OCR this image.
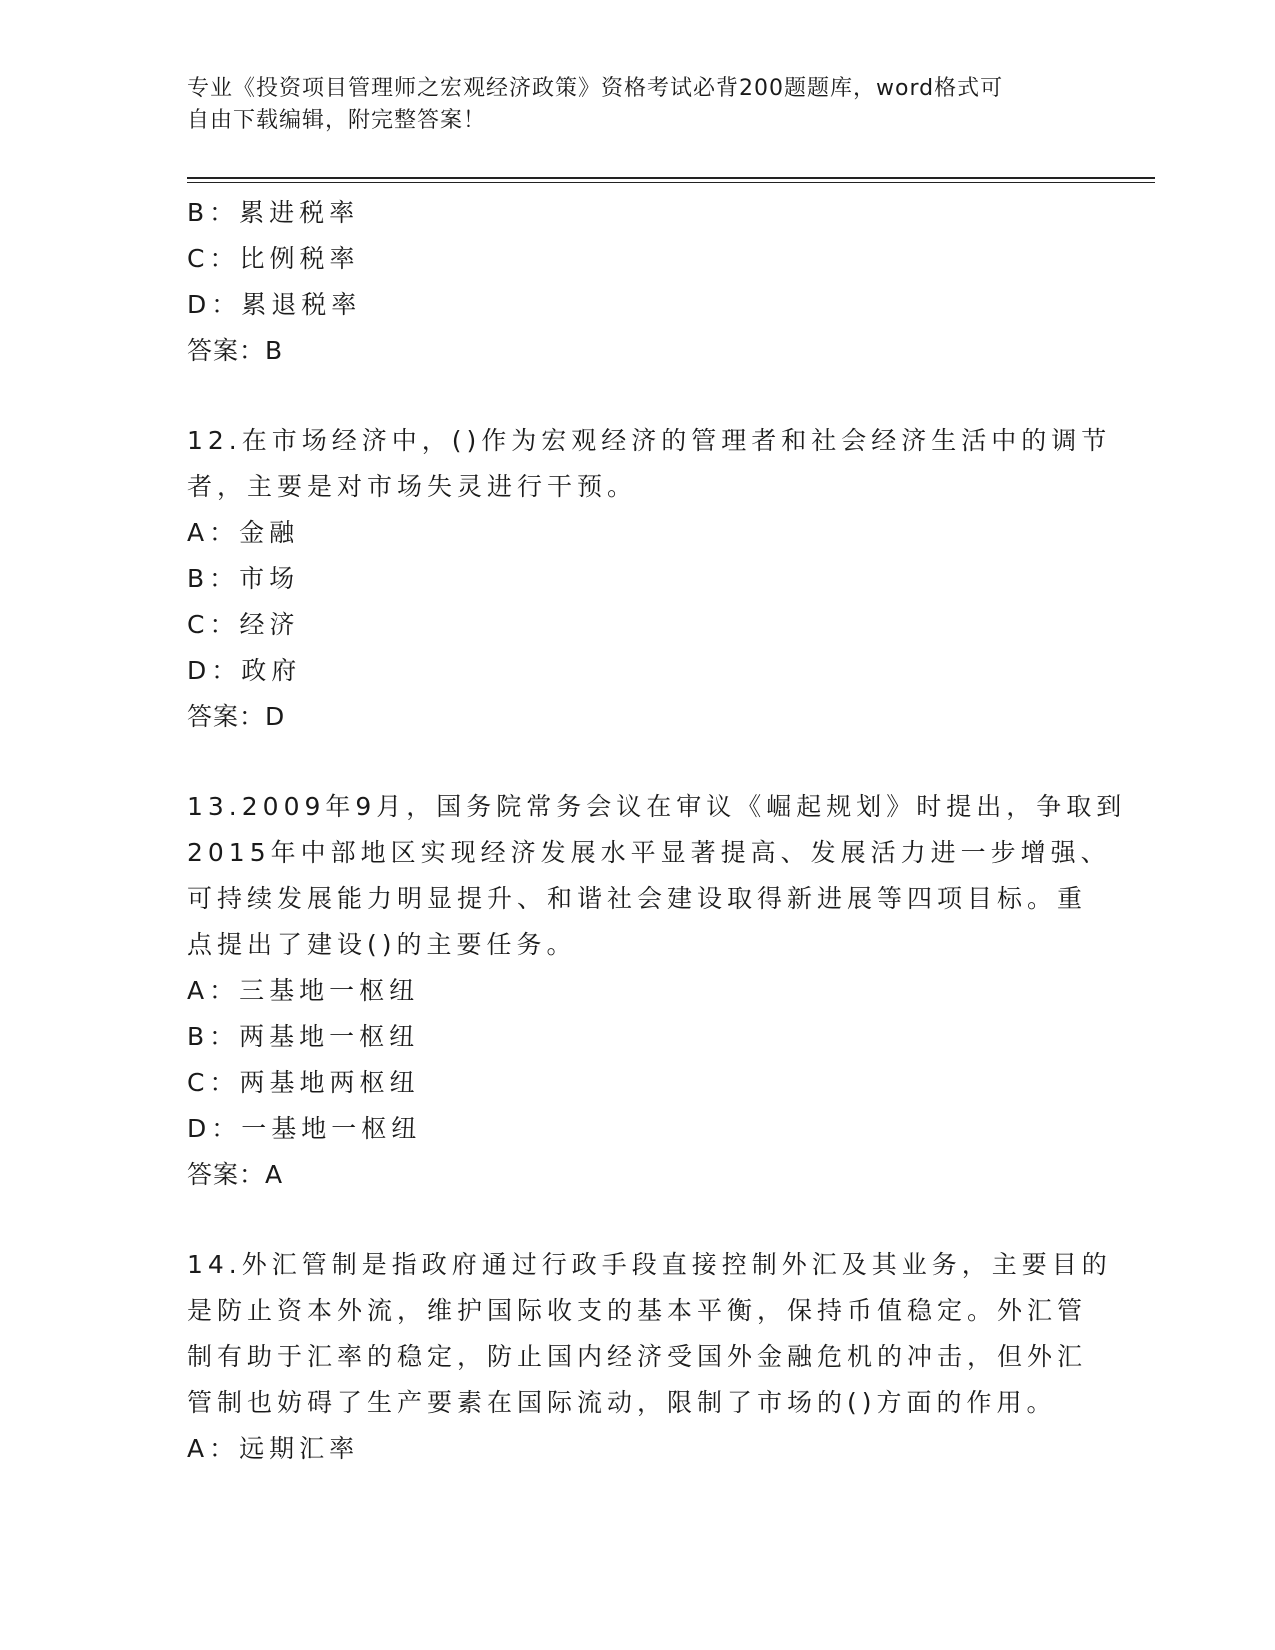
专业《投资项目管理师之宏观经济政策》资格考试必背200题题库，word格式可
自由下载编辑，附完整答案！
B：累进税率
C：比例税率
D：累退税率
答案：B
12.在市场经济中，()作为宏观经济的管理者和社会经济生活中的调节
者，主要是对市场失灵进行干预。
A：金融
B：市场
C：经济
D：政府
答案：D
13.2009年9月，国务院常务会议在审议《崛起规划》时提出，争取到
2015年中部地区实现经济发展水平显著提高、发展活力进一步增强、
可持续发展能力明显提升、和谐社会建设取得新进展等四项目标。重
点提出了建设()的主要任务。
A：三基地一枢纽
B：两基地一枢纽
C：两基地两枢纽
D：一基地一枢纽
答案：A
14.外汇管制是指政府通过行政手段直接控制外汇及其业务，主要目的
是防止资本外流，维护国际收支的基本平衡，保持币值稳定。外汇管
制有助于汇率的稳定，防止国内经济受国外金融危机的冲击，但外汇
管制也妨碍了生产要素在国际流动，限制了市场的()方面的作用。
A：远期汇率
